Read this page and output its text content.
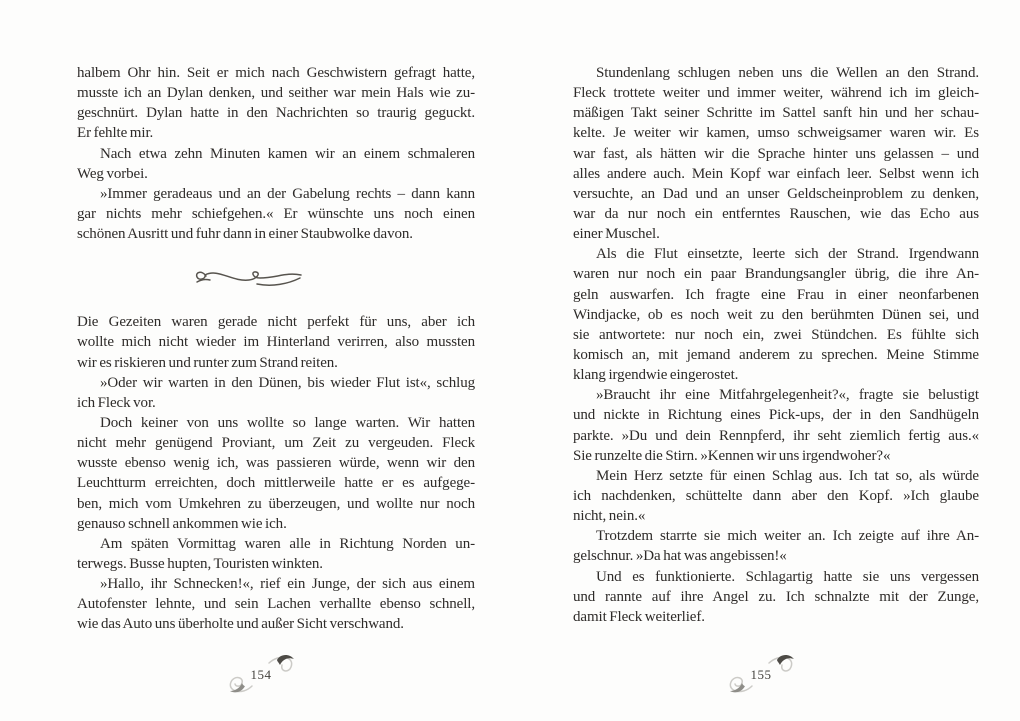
halbem Ohr hin. Seit er mich nach Geschwistern gefragt hatte,
musste ich an Dylan denken, und seither war mein Hals wie zu-
geschnürt. Dylan hatte in den Nachrichten so traurig geguckt.
Er fehlte mir.
Nach etwa zehn Minuten kamen wir an einem schmaleren
Weg vorbei.
»Immer geradeaus und an der Gabelung rechts – dann kann
gar nichts mehr schiefgehen.« Er wünschte uns noch einen
schönen Ausritt und fuhr dann in einer Staubwolke davon.
Die Gezeiten waren gerade nicht perfekt für uns, aber ich
wollte mich nicht wieder im Hinterland verirren, also mussten
wir es riskieren und runter zum Strand reiten.
»Oder wir warten in den Dünen, bis wieder Flut ist«, schlug
ich Fleck vor.
Doch keiner von uns wollte so lange warten. Wir hatten
nicht mehr genügend Proviant, um Zeit zu vergeuden. Fleck
wusste ebenso wenig ich, was passieren würde, wenn wir den
Leuchtturm erreichten, doch mittlerweile hatte er es aufgege-
ben, mich vom Umkehren zu überzeugen, und wollte nur noch
genauso schnell ankommen wie ich.
Am späten Vormittag waren alle in Richtung Norden un-
terwegs. Busse hupten, Touristen winkten.
»Hallo, ihr Schnecken!«, rief ein Junge, der sich aus einem
Autofenster lehnte, und sein Lachen verhallte ebenso schnell,
wie das Auto uns überholte und außer Sicht verschwand.
154
Stundenlang schlugen neben uns die Wellen an den Strand.
Fleck trottete weiter und immer weiter, während ich im gleich-
mäßigen Takt seiner Schritte im Sattel sanft hin und her schau-
kelte. Je weiter wir kamen, umso schweigsamer waren wir. Es
war fast, als hätten wir die Sprache hinter uns gelassen – und
alles andere auch. Mein Kopf war einfach leer. Selbst wenn ich
versuchte, an Dad und an unser Geldscheinproblem zu denken,
war da nur noch ein entferntes Rauschen, wie das Echo aus
einer Muschel.
Als die Flut einsetzte, leerte sich der Strand. Irgendwann
waren nur noch ein paar Brandungsangler übrig, die ihre An-
geln auswarfen. Ich fragte eine Frau in einer neonfarbenen
Windjacke, ob es noch weit zu den berühmten Dünen sei, und
sie antwortete: nur noch ein, zwei Stündchen. Es fühlte sich
komisch an, mit jemand anderem zu sprechen. Meine Stimme
klang irgendwie eingerostet.
»Braucht ihr eine Mitfahrgelegenheit?«, fragte sie belustigt
und nickte in Richtung eines Pick-ups, der in den Sandhügeln
parkte. »Du und dein Rennpferd, ihr seht ziemlich fertig aus.«
Sie runzelte die Stirn. »Kennen wir uns irgendwoher?«
Mein Herz setzte für einen Schlag aus. Ich tat so, als würde
ich nachdenken, schüttelte dann aber den Kopf. »Ich glaube
nicht, nein.«
Trotzdem starrte sie mich weiter an. Ich zeigte auf ihre An-
gelschnur. »Da hat was angebissen!«
Und es funktionierte. Schlagartig hatte sie uns vergessen
und rannte auf ihre Angel zu. Ich schnalzte mit der Zunge,
damit Fleck weiterlief.
155
